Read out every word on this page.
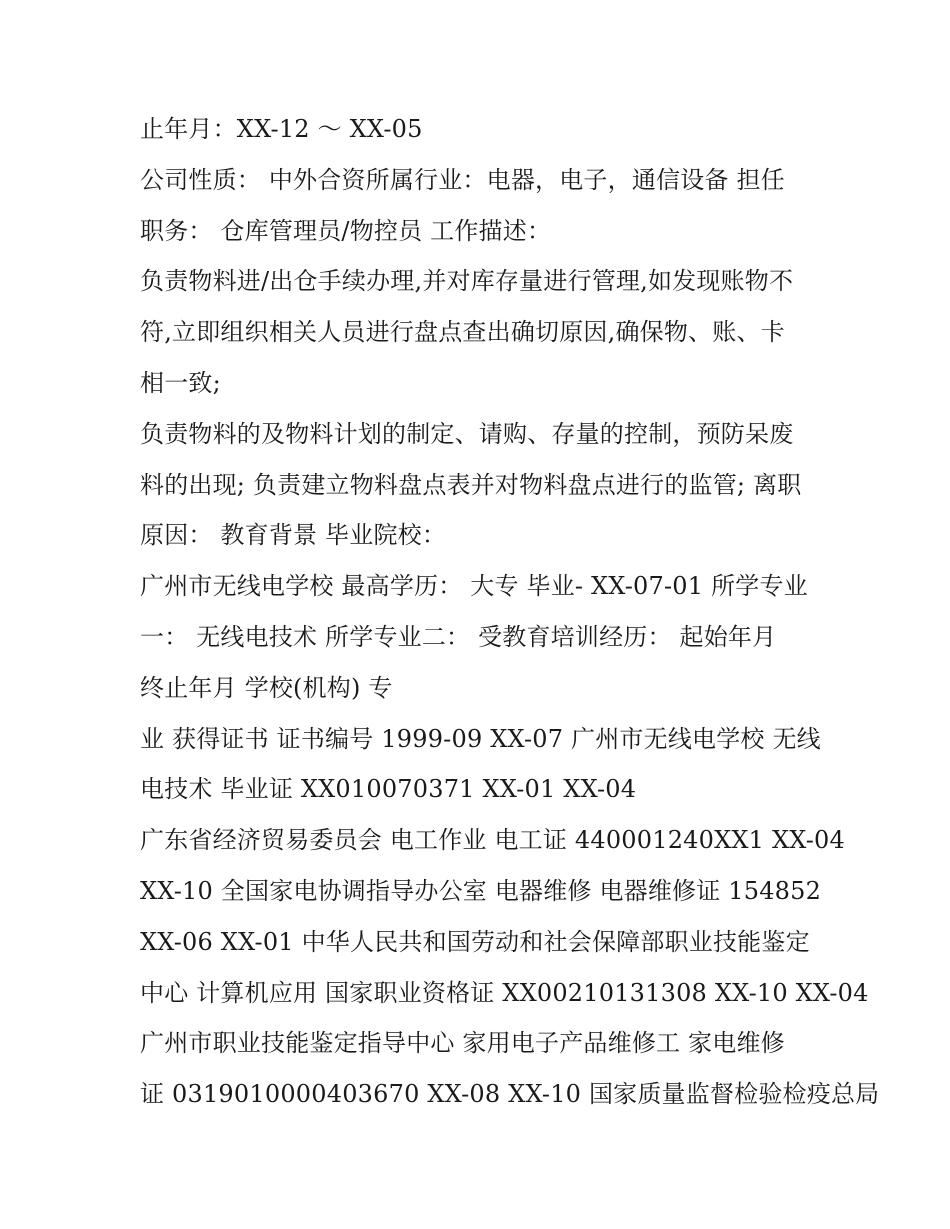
止年月：XX-12 ～ XX-05
公司性质： 中外合资所属行业：电器，电子，通信设备 担任
职务： 仓库管理员/物控员 工作描述：
负责物料进/出仓手续办理,并对库存量进行管理,如发现账物不
符,立即组织相关人员进行盘点查出确切原因,确保物、账、卡
相一致;
负责物料的及物料计划的制定、请购、存量的控制，预防呆废
料的出现; 负责建立物料盘点表并对物料盘点进行的监管; 离职
原因： 教育背景 毕业院校：
广州市无线电学校 最高学历： 大专 毕业- XX-07-01 所学专业
一： 无线电技术 所学专业二： 受教育培训经历： 起始年月
终止年月 学校(机构) 专
业 获得证书 证书编号 1999-09 XX-07 广州市无线电学校 无线
电技术 毕业证 XX010070371 XX-01 XX-04
广东省经济贸易委员会 电工作业 电工证 440001240XX1 XX-04
XX-10 全国家电协调指导办公室 电器维修 电器维修证 154852
XX-06 XX-01 中华人民共和国劳动和社会保障部职业技能鉴定
中心 计算机应用 国家职业资格证 XX00210131308 XX-10 XX-04
广州市职业技能鉴定指导中心 家用电子产品维修工 家电维修
证 0319010000403670 XX-08 XX-10 国家质量监督检验检疫总局
